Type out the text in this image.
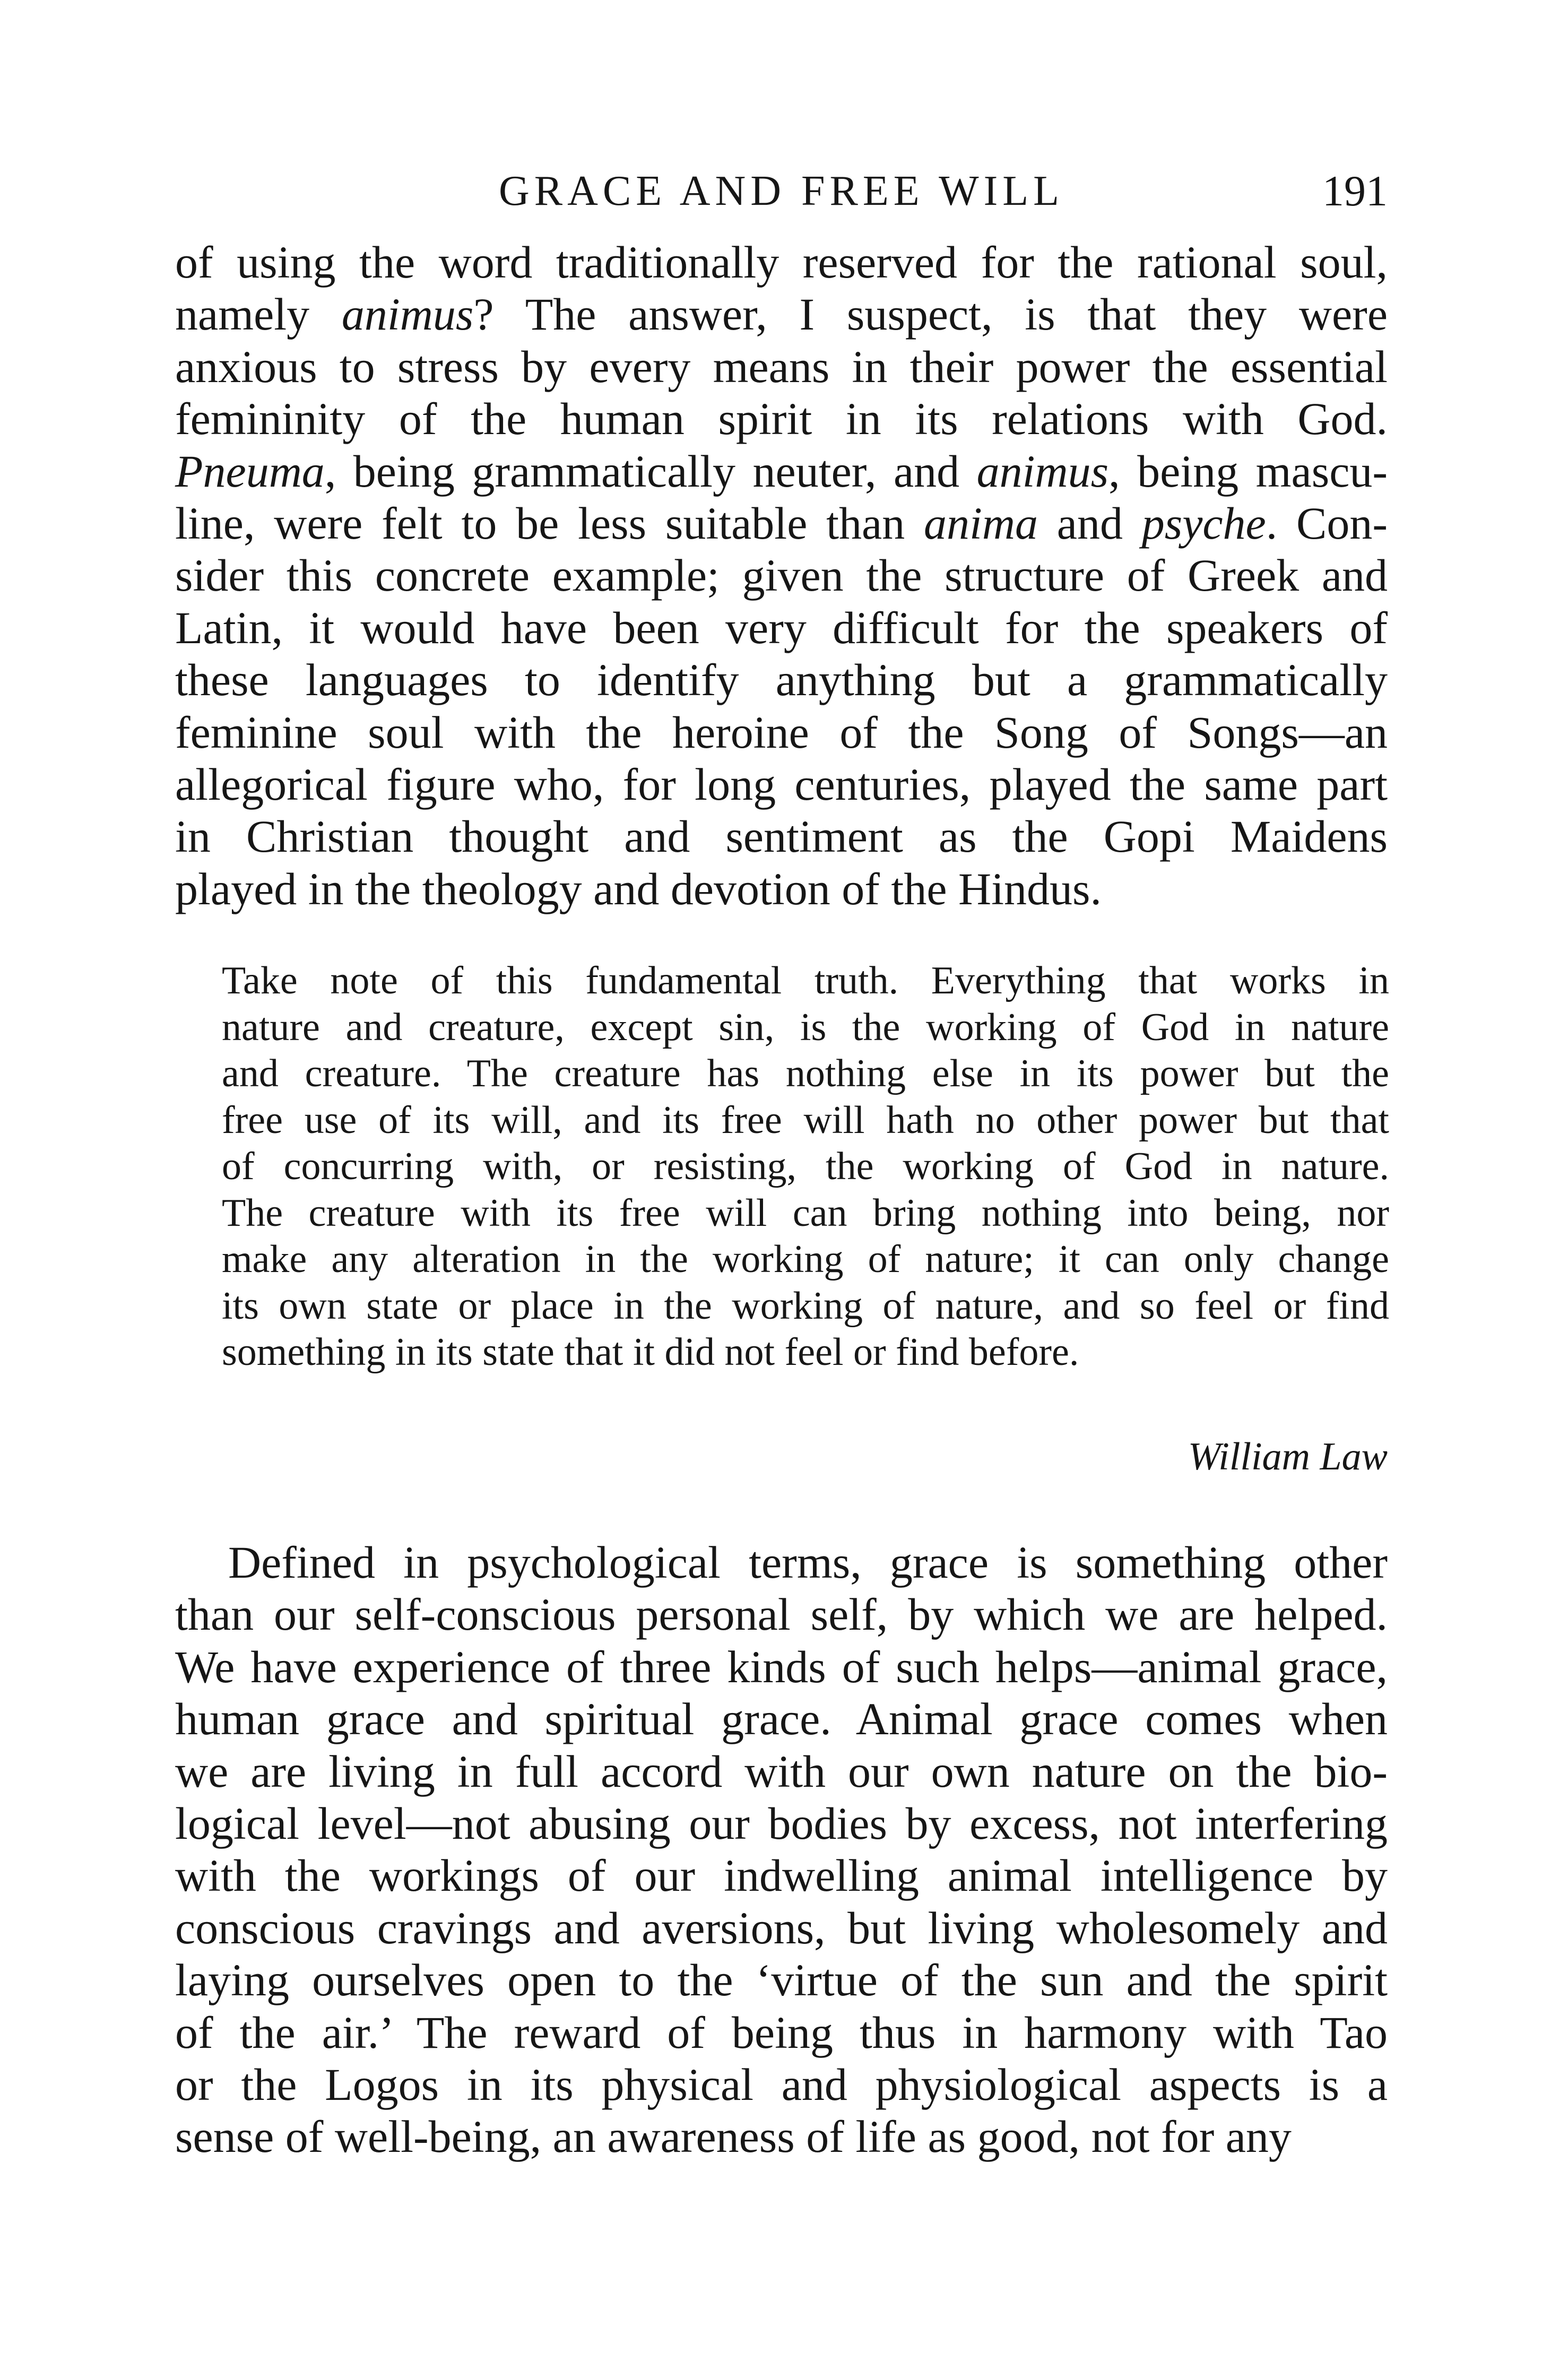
GRACE AND FREE WILL	191
of using the word traditionally reserved for the rational soul,
namely animus? The answer, I suspect, is that they were
anxious to stress by every means in their power the essential
femininity of the human spirit in its relations with God.
Pneuma, being grammatically neuter, and animus, being mascu-
line, were felt to be less suitable than anima and psyche. Con-
sider this concrete example; given the structure of Greek and
Latin, it would have been very difficult for the speakers of
these languages to identify anything but a grammatically
feminine soul with the heroine of the Song of Songs—an
allegorical figure who, for long centuries, played the same part
in Christian thought and sentiment as the Gopi Maidens
played in the theology and devotion of the Hindus.
Take note of this fundamental truth. Everything that works in
nature and creature, except sin, is the working of God in nature
and creature. The creature has nothing else in its power but the
free use of its will, and its free will hath no other power but that
of concurring with, or resisting, the working of God in nature.
The creature with its free will can bring nothing into being, nor
make any alteration in the working of nature; it can only change
its own state or place in the working of nature, and so feel or find
something in its state that it did not feel or find before.
William Law
Defined in psychological terms, grace is something other
than our self-conscious personal self, by which we are helped.
We have experience of three kinds of such helps—animal grace,
human grace and spiritual grace. Animal grace comes when
we are living in full accord with our own nature on the bio-
logical level—not abusing our bodies by excess, not interfering
with the workings of our indwelling animal intelligence by
conscious cravings and aversions, but living wholesomely and
laying ourselves open to the ‘virtue of the sun and the spirit
of the air.’ The reward of being thus in harmony with Tao
or the Logos in its physical and physiological aspects is a
sense of well-being, an awareness of life as good, not for any
